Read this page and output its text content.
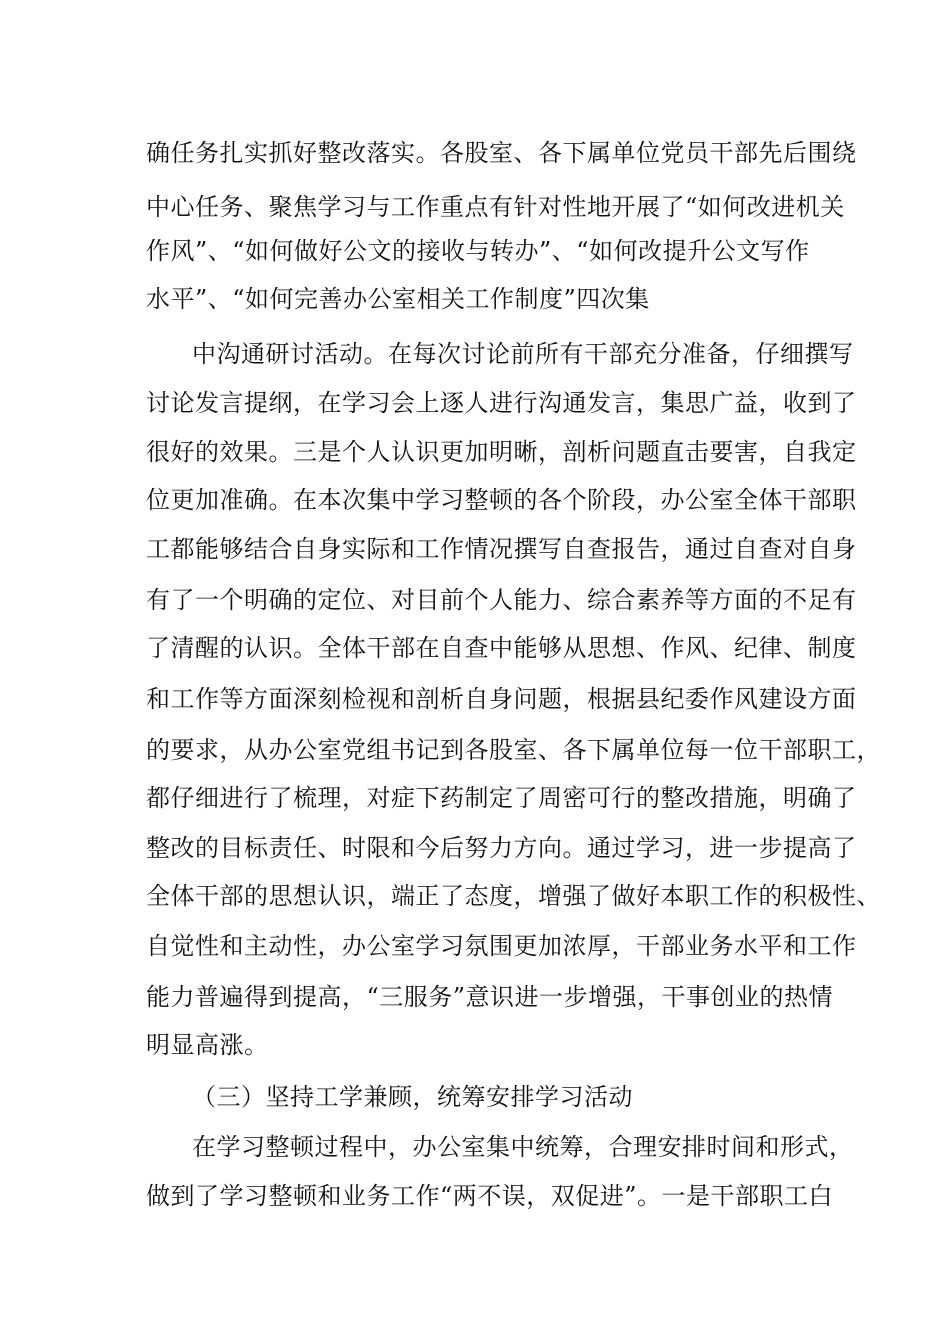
确任务扎实抓好整改落实。各股室、各下属单位党员干部先后围绕
中心任务、聚焦学习与工作重点有针对性地开展了“如何改进机关
作风”、“如何做好公文的接收与转办”、“如何改提升公文写作
水平”、“如何完善办公室相关工作制度”四次集
中沟通研讨活动。在每次讨论前所有干部充分准备，仔细撰写
讨论发言提纲，在学习会上逐人进行沟通发言，集思广益，收到了
很好的效果。三是个人认识更加明晰，剖析问题直击要害，自我定
位更加准确。在本次集中学习整顿的各个阶段，办公室全体干部职
工都能够结合自身实际和工作情况撰写自查报告，通过自查对自身
有了一个明确的定位、对目前个人能力、综合素养等方面的不足有
了清醒的认识。全体干部在自查中能够从思想、作风、纪律、制度
和工作等方面深刻检视和剖析自身问题，根据县纪委作风建设方面
的要求，从办公室党组书记到各股室、各下属单位每一位干部职工，
都仔细进行了梳理，对症下药制定了周密可行的整改措施，明确了
整改的目标责任、时限和今后努力方向。通过学习，进一步提高了
全体干部的思想认识，端正了态度，增强了做好本职工作的积极性、
自觉性和主动性，办公室学习氛围更加浓厚，干部业务水平和工作
能力普遍得到提高，“三服务”意识进一步增强，干事创业的热情
明显高涨。
（三）坚持工学兼顾，统筹安排学习活动
在学习整顿过程中，办公室集中统筹，合理安排时间和形式，
做到了学习整顿和业务工作“两不误，双促进”。一是干部职工白
